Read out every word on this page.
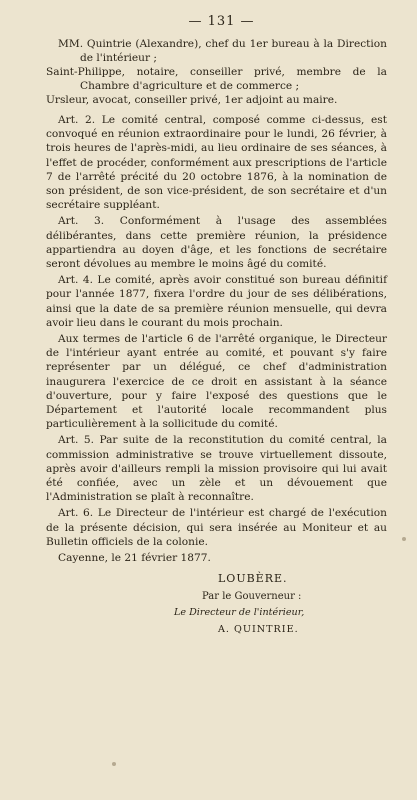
— 131 —
MM. Quintrie (Alexandre), chef du 1er bureau à la Direction de l'intérieur ;
Saint-Philippe, notaire, conseiller privé, membre de la Chambre d'agriculture et de commerce ;
Ursleur, avocat, conseiller privé, 1er adjoint au maire.

Art. 2. Le comité central, composé comme ci-dessus, est convoqué en réunion extraordinaire pour le lundi, 26 février, à trois heures de l'après-midi, au lieu ordinaire de ses séances, à l'effet de procéder, conformément aux prescriptions de l'article 7 de l'arrêté précité du 20 octobre 1876, à la nomination de son président, de son vice-président, de son secrétaire et d'un secrétaire suppléant.

Art. 3. Conformément à l'usage des assemblées délibérantes, dans cette première réunion, la présidence appartiendra au doyen d'âge, et les fonctions de secrétaire seront dévolues au membre le moins âgé du comité.

Art. 4. Le comité, après avoir constitué son bureau définitif pour l'année 1877, fixera l'ordre du jour de ses délibérations, ainsi que la date de sa première réunion mensuelle, qui devra avoir lieu dans le courant du mois prochain.

Aux termes de l'article 6 de l'arrêté organique, le Directeur de l'intérieur ayant entrée au comité, et pouvant s'y faire représenter par un délégué, ce chef d'administration inaugurera l'exercice de ce droit en assistant à la séance d'ouverture, pour y faire l'exposé des questions que le Département et l'autorité locale recommandent plus particulièrement à la sollicitude du comité.

Art. 5. Par suite de la reconstitution du comité central, la commission administrative se trouve virtuellement dissoute, après avoir d'ailleurs rempli la mission provisoire qui lui avait été confiée, avec un zèle et un dévouement que l'Administration se plaît à reconnaître.

Art. 6. Le Directeur de l'intérieur est chargé de l'exécution de la présente décision, qui sera insérée au Moniteur et au Bulletin officiels de la colonie.

Cayenne, le 21 février 1877.
LOUBÈRE.
Par le Gouverneur :
Le Directeur de l'intérieur,
A. QUINTRIE.
